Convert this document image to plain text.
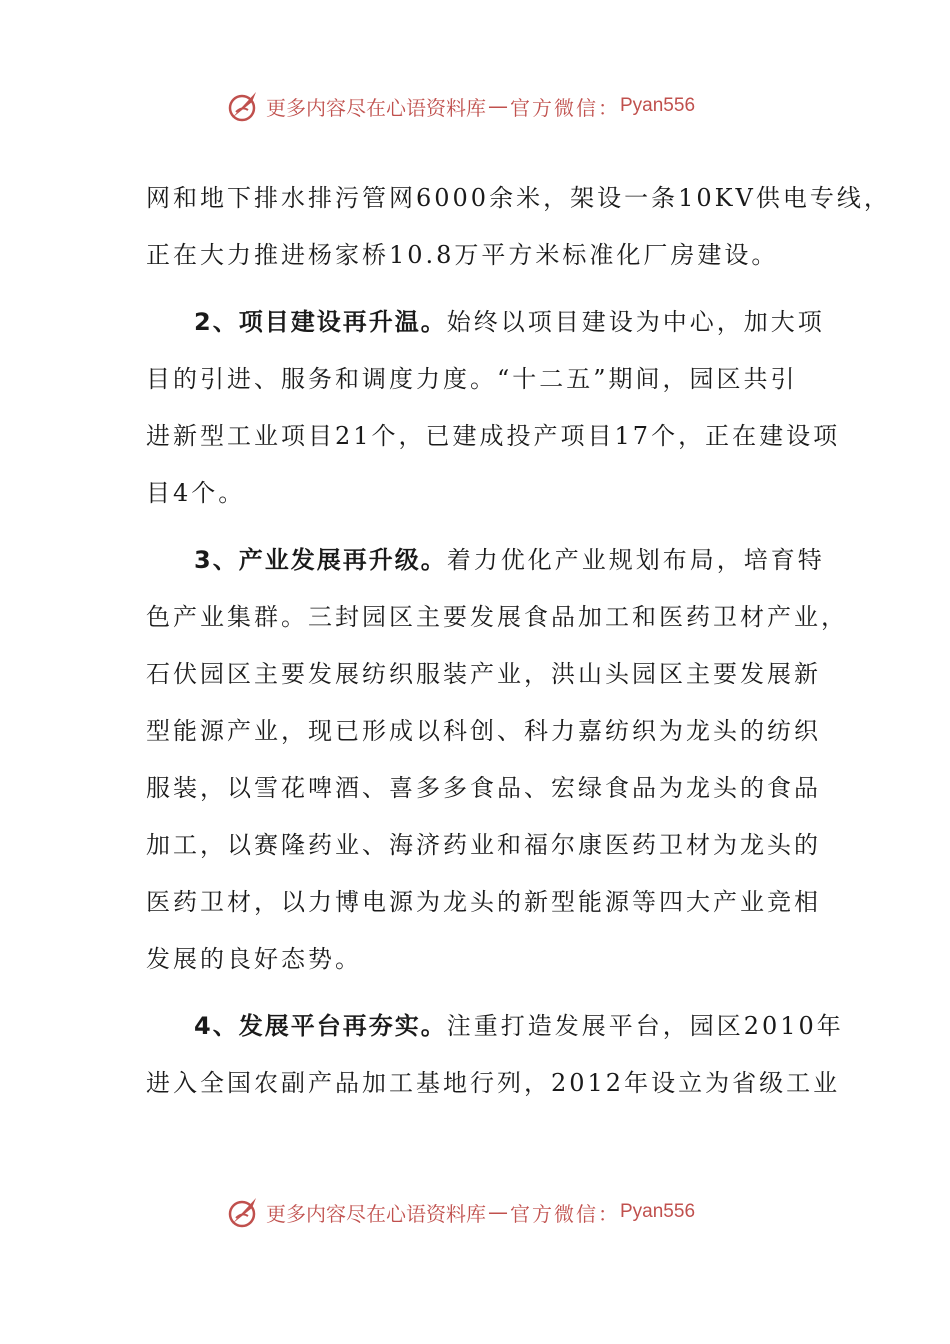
更多内容尽在心语资料库 — 官方微信： Pyan556
网和地下排水排污管网6000余米，架设一条10KV供电专线，
正在大力推进杨家桥10.8万平方米标准化厂房建设。
2、项目建设再升温。始终以项目建设为中心，加大项
目的引进、服务和调度力度。“十二五”期间，园区共引
进新型工业项目21个，已建成投产项目17个，正在建设项
目4个。
3、产业发展再升级。着力优化产业规划布局，培育特
色产业集群。三封园区主要发展食品加工和医药卫材产业，
石伏园区主要发展纺织服装产业，洪山头园区主要发展新
型能源产业，现已形成以科创、科力嘉纺织为龙头的纺织
服装，以雪花啤酒、喜多多食品、宏绿食品为龙头的食品
加工，以赛隆药业、海济药业和福尔康医药卫材为龙头的
医药卫材，以力博电源为龙头的新型能源等四大产业竞相
发展的良好态势。
4、发展平台再夯实。注重打造发展平台，园区2010年
进入全国农副产品加工基地行列，2012年设立为省级工业
更多内容尽在心语资料库 — 官方微信： Pyan556
